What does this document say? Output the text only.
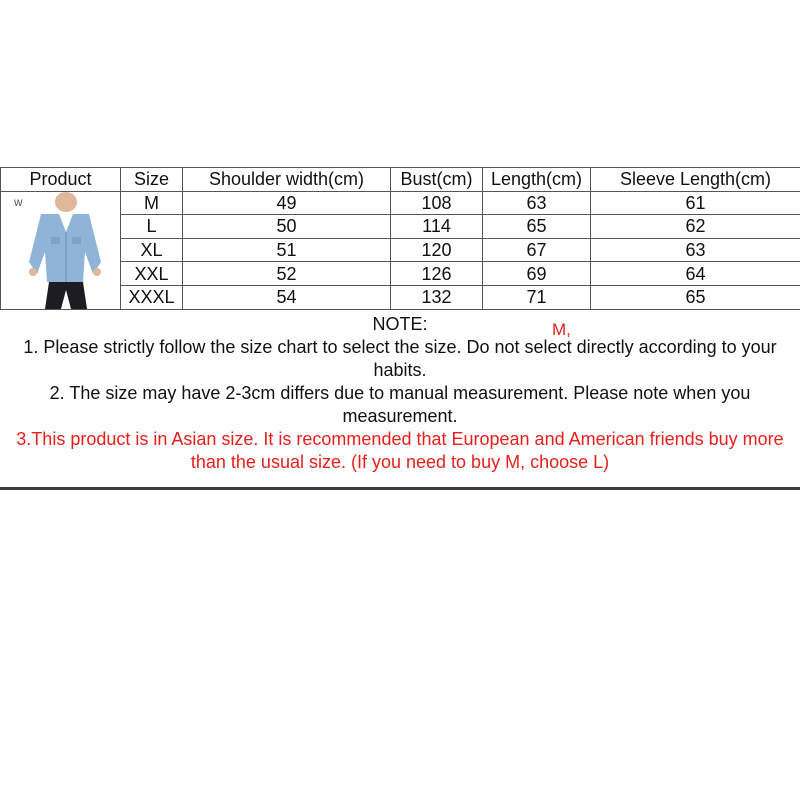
Product	Size	Shoulder width(cm)	Bust(cm)	Length(cm)	Sleeve Length(cm)

W	M	49	108	63	61
	L	50	114	65	62
	XL	51	120	67	63
	XXL	52	126	69	64
	XXXL	54	132	71	65

NOTE:

1. Please strictly follow the size chart to select the size. Do not select directly according to your habits.

2. The size may have 2-3cm differs due to manual measurement. Please note when you measurement.

3.This product is in Asian size. It is recommended that European and American friends buy more than the usual size. (If you need to buy M, choose L)

M,
